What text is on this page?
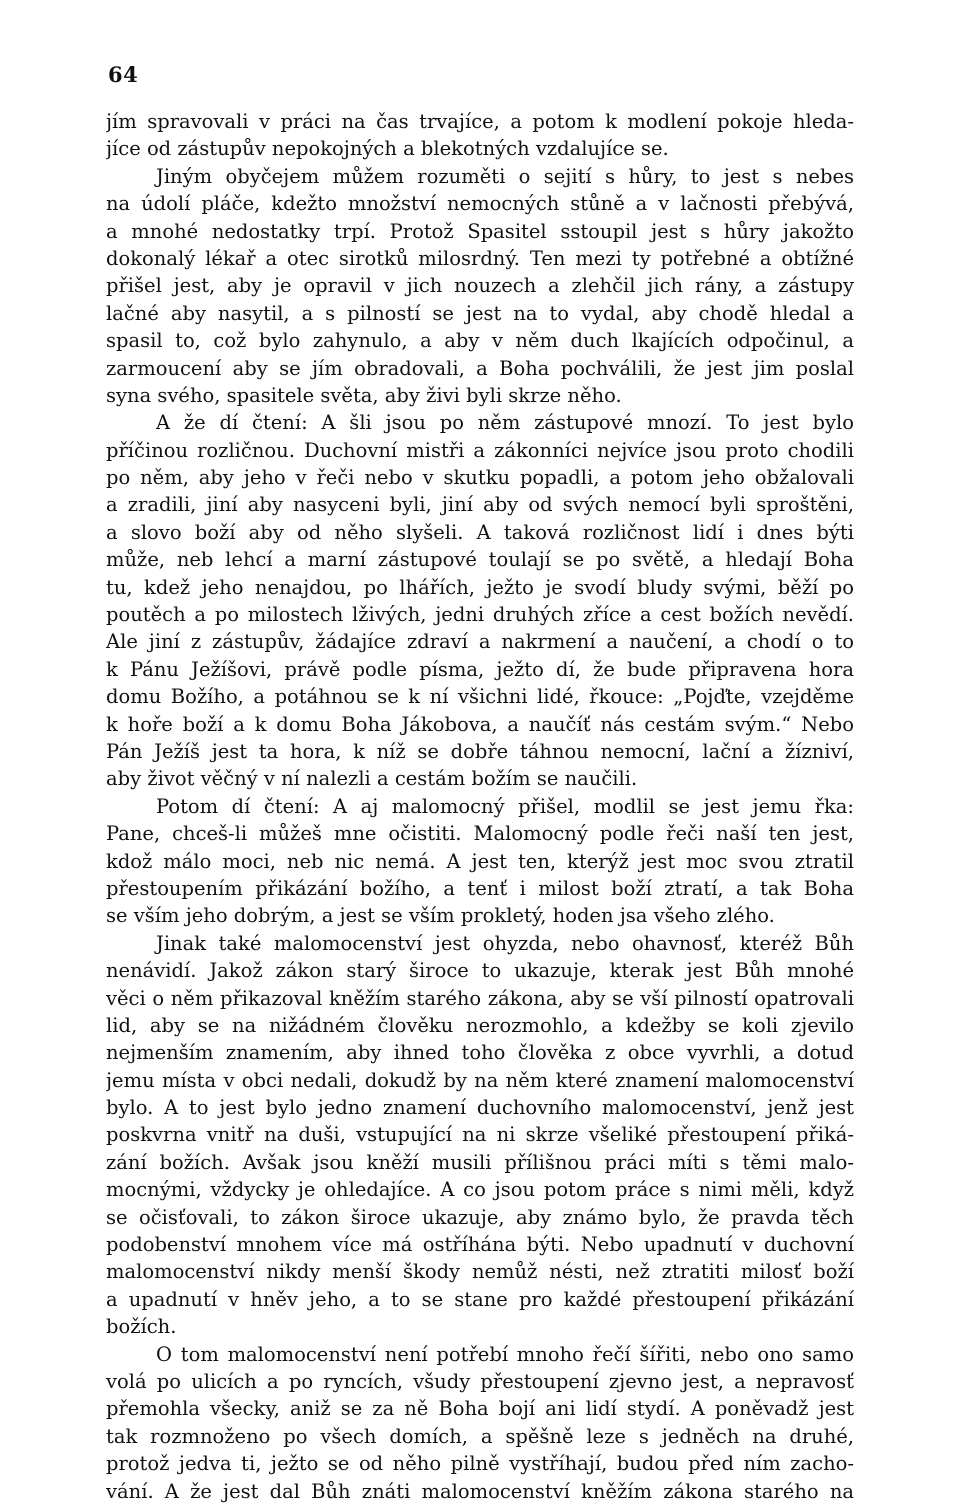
64
jím spravovali v práci na čas trvajíce, a potom k modlení pokoje hleda-
jíce od zástupův nepokojných a blekotných vzdalujíce se.
Jiným obyčejem můžem rozuměti o sejití s hůry, to jest s nebes
na údolí pláče, kdežto množství nemocných stůně a v lačnosti přebývá,
a mnohé nedostatky trpí. Protož Spasitel sstoupil jest s hůry jakožto
dokonalý lékař a otec sirotků milosrdný. Ten mezi ty potřebné a obtížné
přišel jest, aby je opravil v jich nouzech a zlehčil jich rány, a zástupy
lačné aby nasytil, a s pilností se jest na to vydal, aby chodě hledal a
spasil to, což bylo zahynulo, a aby v něm duch lkajících odpočinul, a
zarmoucení aby se jím obradovali, a Boha pochválili, že jest jim poslal
syna svého, spasitele světa, aby živi byli skrze něho.
A že dí čtení: A šli jsou po něm zástupové mnozí. To jest bylo
příčinou rozličnou. Duchovní mistři a zákonníci nejvíce jsou proto chodili
po něm, aby jeho v řeči nebo v skutku popadli, a potom jeho obžalovali
a zradili, jiní aby nasyceni byli, jiní aby od svých nemocí byli sproštěni,
a slovo boží aby od něho slyšeli. A taková rozličnost lidí i dnes býti
může, neb lehcí a marní zástupové toulají se po světě, a hledají Boha
tu, kdež jeho nenajdou, po lhářích, ježto je svodí bludy svými, běží po
poutěch a po milostech lživých, jedni druhých zříce a cest božích nevědí.
Ale jiní z zástupův, žádajíce zdraví a nakrmení a naučení, a chodí o to
k Pánu Ježíšovi, právě podle písma, ježto dí, že bude připravena hora
domu Božího, a potáhnou se k ní všichni lidé, řkouce: „Pojďte, vzejděme
k hoře boží a k domu Boha Jákobova, a naučíť nás cestám svým.“ Nebo
Pán Ježíš jest ta hora, k níž se dobře táhnou nemocní, lační a žízniví,
aby život věčný v ní nalezli a cestám božím se naučili.
Potom dí čtení: A aj malomocný přišel, modlil se jest jemu řka:
Pane, chceš-li můžeš mne očistiti. Malomocný podle řeči naší ten jest,
kdož málo moci, neb nic nemá. A jest ten, kterýž jest moc svou ztratil
přestoupením přikázání božího, a tenť i milost boží ztratí, a tak Boha
se vším jeho dobrým, a jest se vším prokletý, hoden jsa všeho zlého.
Jinak také malomocenství jest ohyzda, nebo ohavnosť, kteréž Bůh
nenávidí. Jakož zákon starý široce to ukazuje, kterak jest Bůh mnohé
věci o něm přikazoval kněžím starého zákona, aby se vší pilností opatrovali
lid, aby se na nižádném člověku nerozmohlo, a kdežby se koli zjevilo
nejmenším znamením, aby ihned toho člověka z obce vyvrhli, a dotud
jemu místa v obci nedali, dokudž by na něm které znamení malomocenství
bylo. A to jest bylo jedno znamení duchovního malomocenství, jenž jest
poskvrna vnitř na duši, vstupující na ni skrze všeliké přestoupení přiká-
zání božích. Avšak jsou kněží musili přílišnou práci míti s těmi malo-
mocnými, vždycky je ohledajíce. A co jsou potom práce s nimi měli, když
se očisťovali, to zákon široce ukazuje, aby známo bylo, že pravda těch
podobenství mnohem více má ostříhána býti. Nebo upadnutí v duchovní
malomocenství nikdy menší škody nemůž nésti, než ztratiti milosť boží
a upadnutí v hněv jeho, a to se stane pro každé přestoupení přikázání
božích.
O tom malomocenství není potřebí mnoho řečí šířiti, nebo ono samo
volá po ulicích a po ryncích, všudy přestoupení zjevno jest, a nepravosť
přemohla všecky, aniž se za ně Boha bojí ani lidí stydí. A poněvadž jest
tak rozmnoženo po všech domích, a spěšně leze s jedněch na druhé,
protož jedva ti, ježto se od něho pilně vystříhají, budou před ním zacho-
vání. A že jest dal Bůh znáti malomocenství kněžím zákona starého na
